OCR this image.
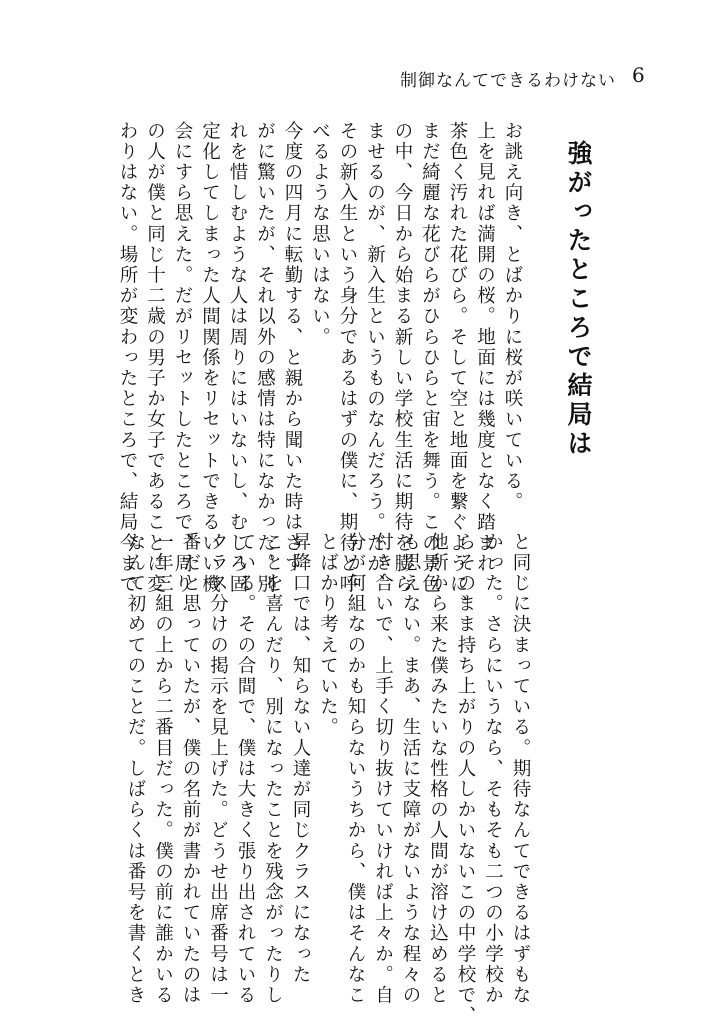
制御なんてできるわけない 6
強がったところで結局は
お誂え向き、とばかりに桜が咲いている。
上を見れば満開の桜。地面には幾度となく踏まれ
茶色く汚れた花びら。そして空と地面を繋ぐように、
まだ綺麗な花びらがひらひらと宙を舞う。この景色
の中、今日から始まる新しい学校生活に期待を膨ら
ませるのが、新入生というものなんだろう。だが、
その新入生という身分であるはずの僕に、期待と呼
べるような思いはない。
今度の四月に転勤する、と親から聞いた時はさす
がに驚いたが、それ以外の感情は特になかった。別
れを惜しむような人は周りにはいないし、むしろ固
定化してしまった人間関係をリセットできるいい機
会にすら思えた。だがリセットしたところで、周り
の人が僕と同じ十二歳の男子か女子であることに変
わりはない。場所が変わったところで、結局今まで
と同じに決まっている。期待なんてできるはずもな
かった。さらにいうなら、そもそも二つの小学校か
らそのまま持ち上がりの人しかいないこの中学校で、
他所から来た僕みたいな性格の人間が溶け込めると
も思えない。まあ、生活に支障がないような程々の
付き合いで、上手く切り抜けていければ上々か。自
分が何組なのかも知らないうちから、僕はそんなこ
とばかり考えていた。
昇降口では、知らない人達が同じクラスになった
ことを喜んだり、別になったことを残念がったりし
ている。その合間で、僕は大きく張り出されている
クラス分けの掲示を見上げた。どうせ出席番号は一
番だと思っていたが、僕の名前が書かれていたのは
一年三組の上から二番目だった。僕の前に誰かいる
なんて初めてのことだ。しばらくは番号を書くとき
